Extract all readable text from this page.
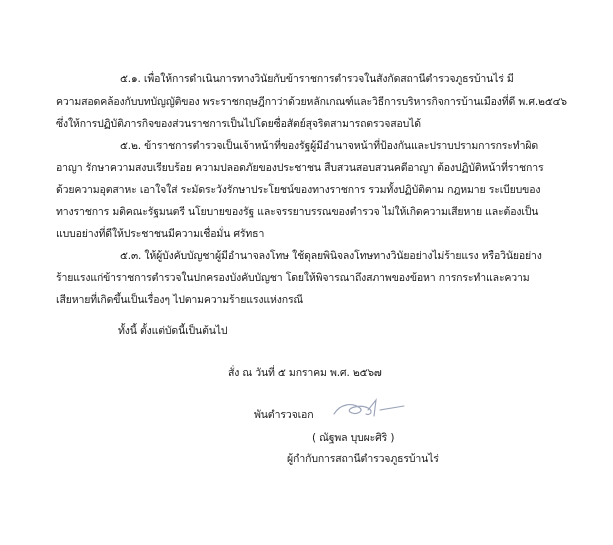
๕.๑. เพื่อให้การดำเนินการทางวินัยกับข้าราชการตำรวจในสังกัดสถานีตำรวจภูธรบ้านไร่ มี
ความสอดคล้องกับบทบัญญัติของ พระราชกฤษฎีกาว่าด้วยหลักเกณฑ์และวิธีการบริหารกิจการบ้านเมืองที่ดี พ.ศ.๒๕๔๖
ซึ่งให้การปฏิบัติภารกิจของส่วนราชการเป็นไปโดยซื่อสัตย์สุจริตสามารถตรวจสอบได้
๕.๒. ข้าราชการตำรวจเป็นเจ้าหน้าที่ของรัฐผู้มีอำนาจหน้าที่ป้องกันและปราบปรามการกระทำผิด
อาญา รักษาความสงบเรียบร้อย ความปลอดภัยของประชาชน สืบสวนสอบสวนคดีอาญา ต้องปฏิบัติหน้าที่ราชการ
ด้วยความอุตสาหะ เอาใจใส่ ระมัดระวังรักษาประโยชน์ของทางราชการ รวมทั้งปฏิบัติตาม กฎหมาย ระเบียบของ
ทางราชการ มติคณะรัฐมนตรี นโยบายของรัฐ และจรรยาบรรณของตำรวจ ไม่ให้เกิดความเสียหาย และต้องเป็น
แบบอย่างที่ดีให้ประชาชนมีความเชื่อมั่น ศรัทธา
๕.๓. ให้ผู้บังคับบัญชาผู้มีอำนาจลงโทษ ใช้ดุลยพินิจลงโทษทางวินัยอย่างไม่ร้ายแรง หรือวินัยอย่าง
ร้ายแรงแก่ข้าราชการตำรวจในปกครองบังคับบัญชา โดยให้พิจารณาถึงสภาพของข้อหา การกระทำและความ
เสียหายที่เกิดขึ้นเป็นเรื่องๆ ไปตามความร้ายแรงแห่งกรณี
ทั้งนี้ ตั้งแต่บัดนี้เป็นต้นไป
สั่ง ณ วันที่ ๕ มกราคม พ.ศ. ๒๕๖๗
พันตำรวจเอก
( ณัฐพล บุบผะศิริ )
ผู้กำกับการสถานีตำรวจภูธรบ้านไร่
